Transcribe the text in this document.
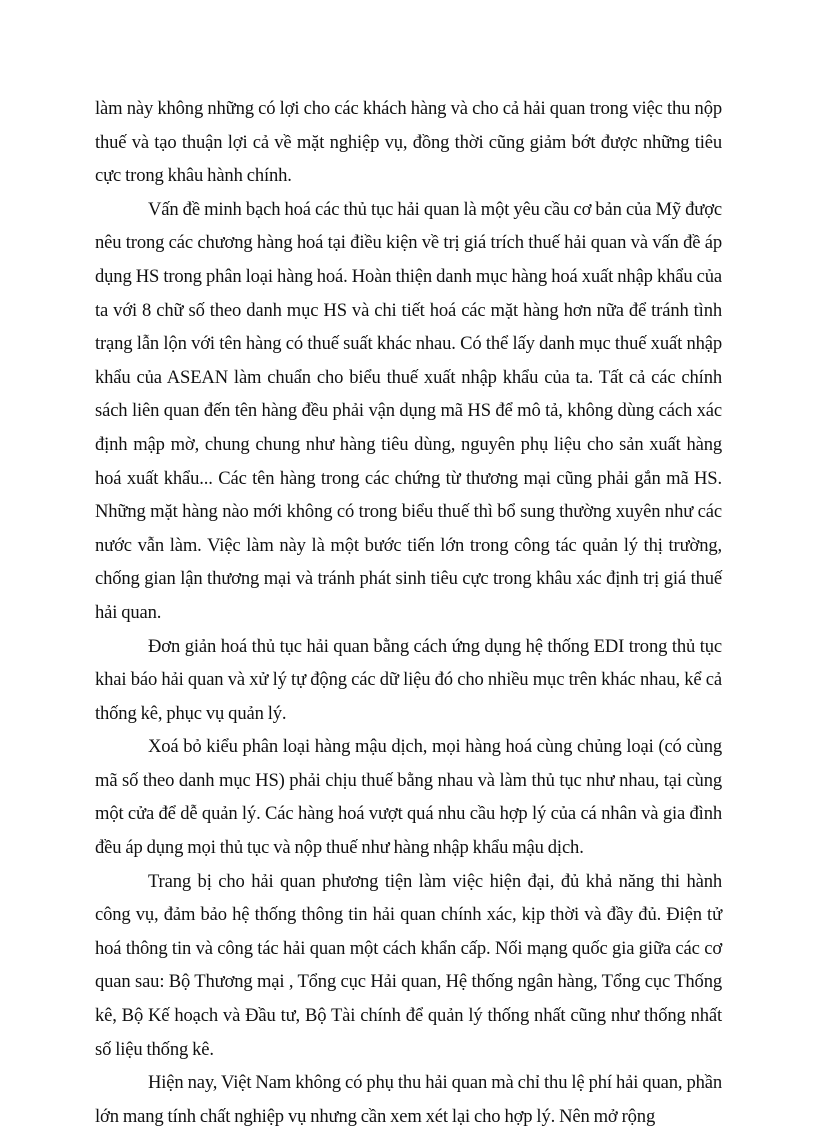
làm này không những có lợi cho các khách hàng và cho cả hải quan trong việc thu nộp thuế và tạo thuận lợi cả về mặt nghiệp vụ, đồng thời cũng giảm bớt được những tiêu cực trong khâu hành chính.

Vấn đề minh bạch hoá các thủ tục hải quan là một yêu cầu cơ bản của Mỹ được nêu trong các chương hàng hoá tại điều kiện về trị giá trích thuế hải quan và vấn đề áp dụng HS trong phân loại hàng hoá. Hoàn thiện danh mục hàng hoá xuất nhập khẩu của ta với 8 chữ số theo danh mục HS và chi tiết hoá các mặt hàng hơn nữa để tránh tình trạng lẫn lộn với tên hàng có thuế suất khác nhau. Có thể lấy danh mục thuế xuất nhập khẩu của ASEAN làm chuẩn cho biểu thuế xuất nhập khẩu của ta. Tất cả các chính sách liên quan đến tên hàng đều phải vận dụng mã HS để mô tả, không dùng cách xác định mập mờ, chung chung như hàng tiêu dùng, nguyên phụ liệu cho sản xuất hàng hoá xuất khẩu... Các tên hàng trong các chứng từ thương mại cũng phải gắn mã HS. Những mặt hàng nào mới không có trong biểu thuế thì bổ sung thường xuyên như các nước vẫn làm. Việc làm này là một bước tiến lớn trong công tác quản lý thị trường, chống gian lận thương mại và tránh phát sinh tiêu cực trong khâu xác định trị giá thuế hải quan.

Đơn giản hoá thủ tục hải quan bằng cách ứng dụng hệ thống EDI trong thủ tục khai báo hải quan và xử lý tự động các dữ liệu đó cho nhiều mục trên khác nhau, kể cả thống kê, phục vụ quản lý.

Xoá bỏ kiểu phân loại hàng mậu dịch, mọi hàng hoá cùng chủng loại (có cùng mã số theo danh mục HS) phải chịu thuế bằng nhau và làm thủ tục như nhau, tại cùng một cửa để dễ quản lý. Các hàng hoá vượt quá nhu cầu hợp lý của cá nhân và gia đình đều áp dụng mọi thủ tục và nộp thuế như hàng nhập khẩu mậu dịch.

Trang bị cho hải quan phương tiện làm việc hiện đại, đủ khả năng thi hành công vụ, đảm bảo hệ thống thông tin hải quan chính xác, kịp thời và đầy đủ. Điện tử hoá thông tin và công tác hải quan một cách khẩn cấp. Nối mạng quốc gia giữa các cơ quan sau: Bộ Thương mại , Tổng cục Hải quan, Hệ thống ngân hàng, Tổng cục Thống kê, Bộ Kế hoạch và Đầu tư, Bộ Tài chính để quản lý thống nhất cũng như thống nhất số liệu thống kê.

Hiện nay, Việt Nam không có phụ thu hải quan mà chỉ thu lệ phí hải quan, phần lớn mang tính chất nghiệp vụ nhưng cần xem xét lại cho hợp lý. Nên mở rộng
